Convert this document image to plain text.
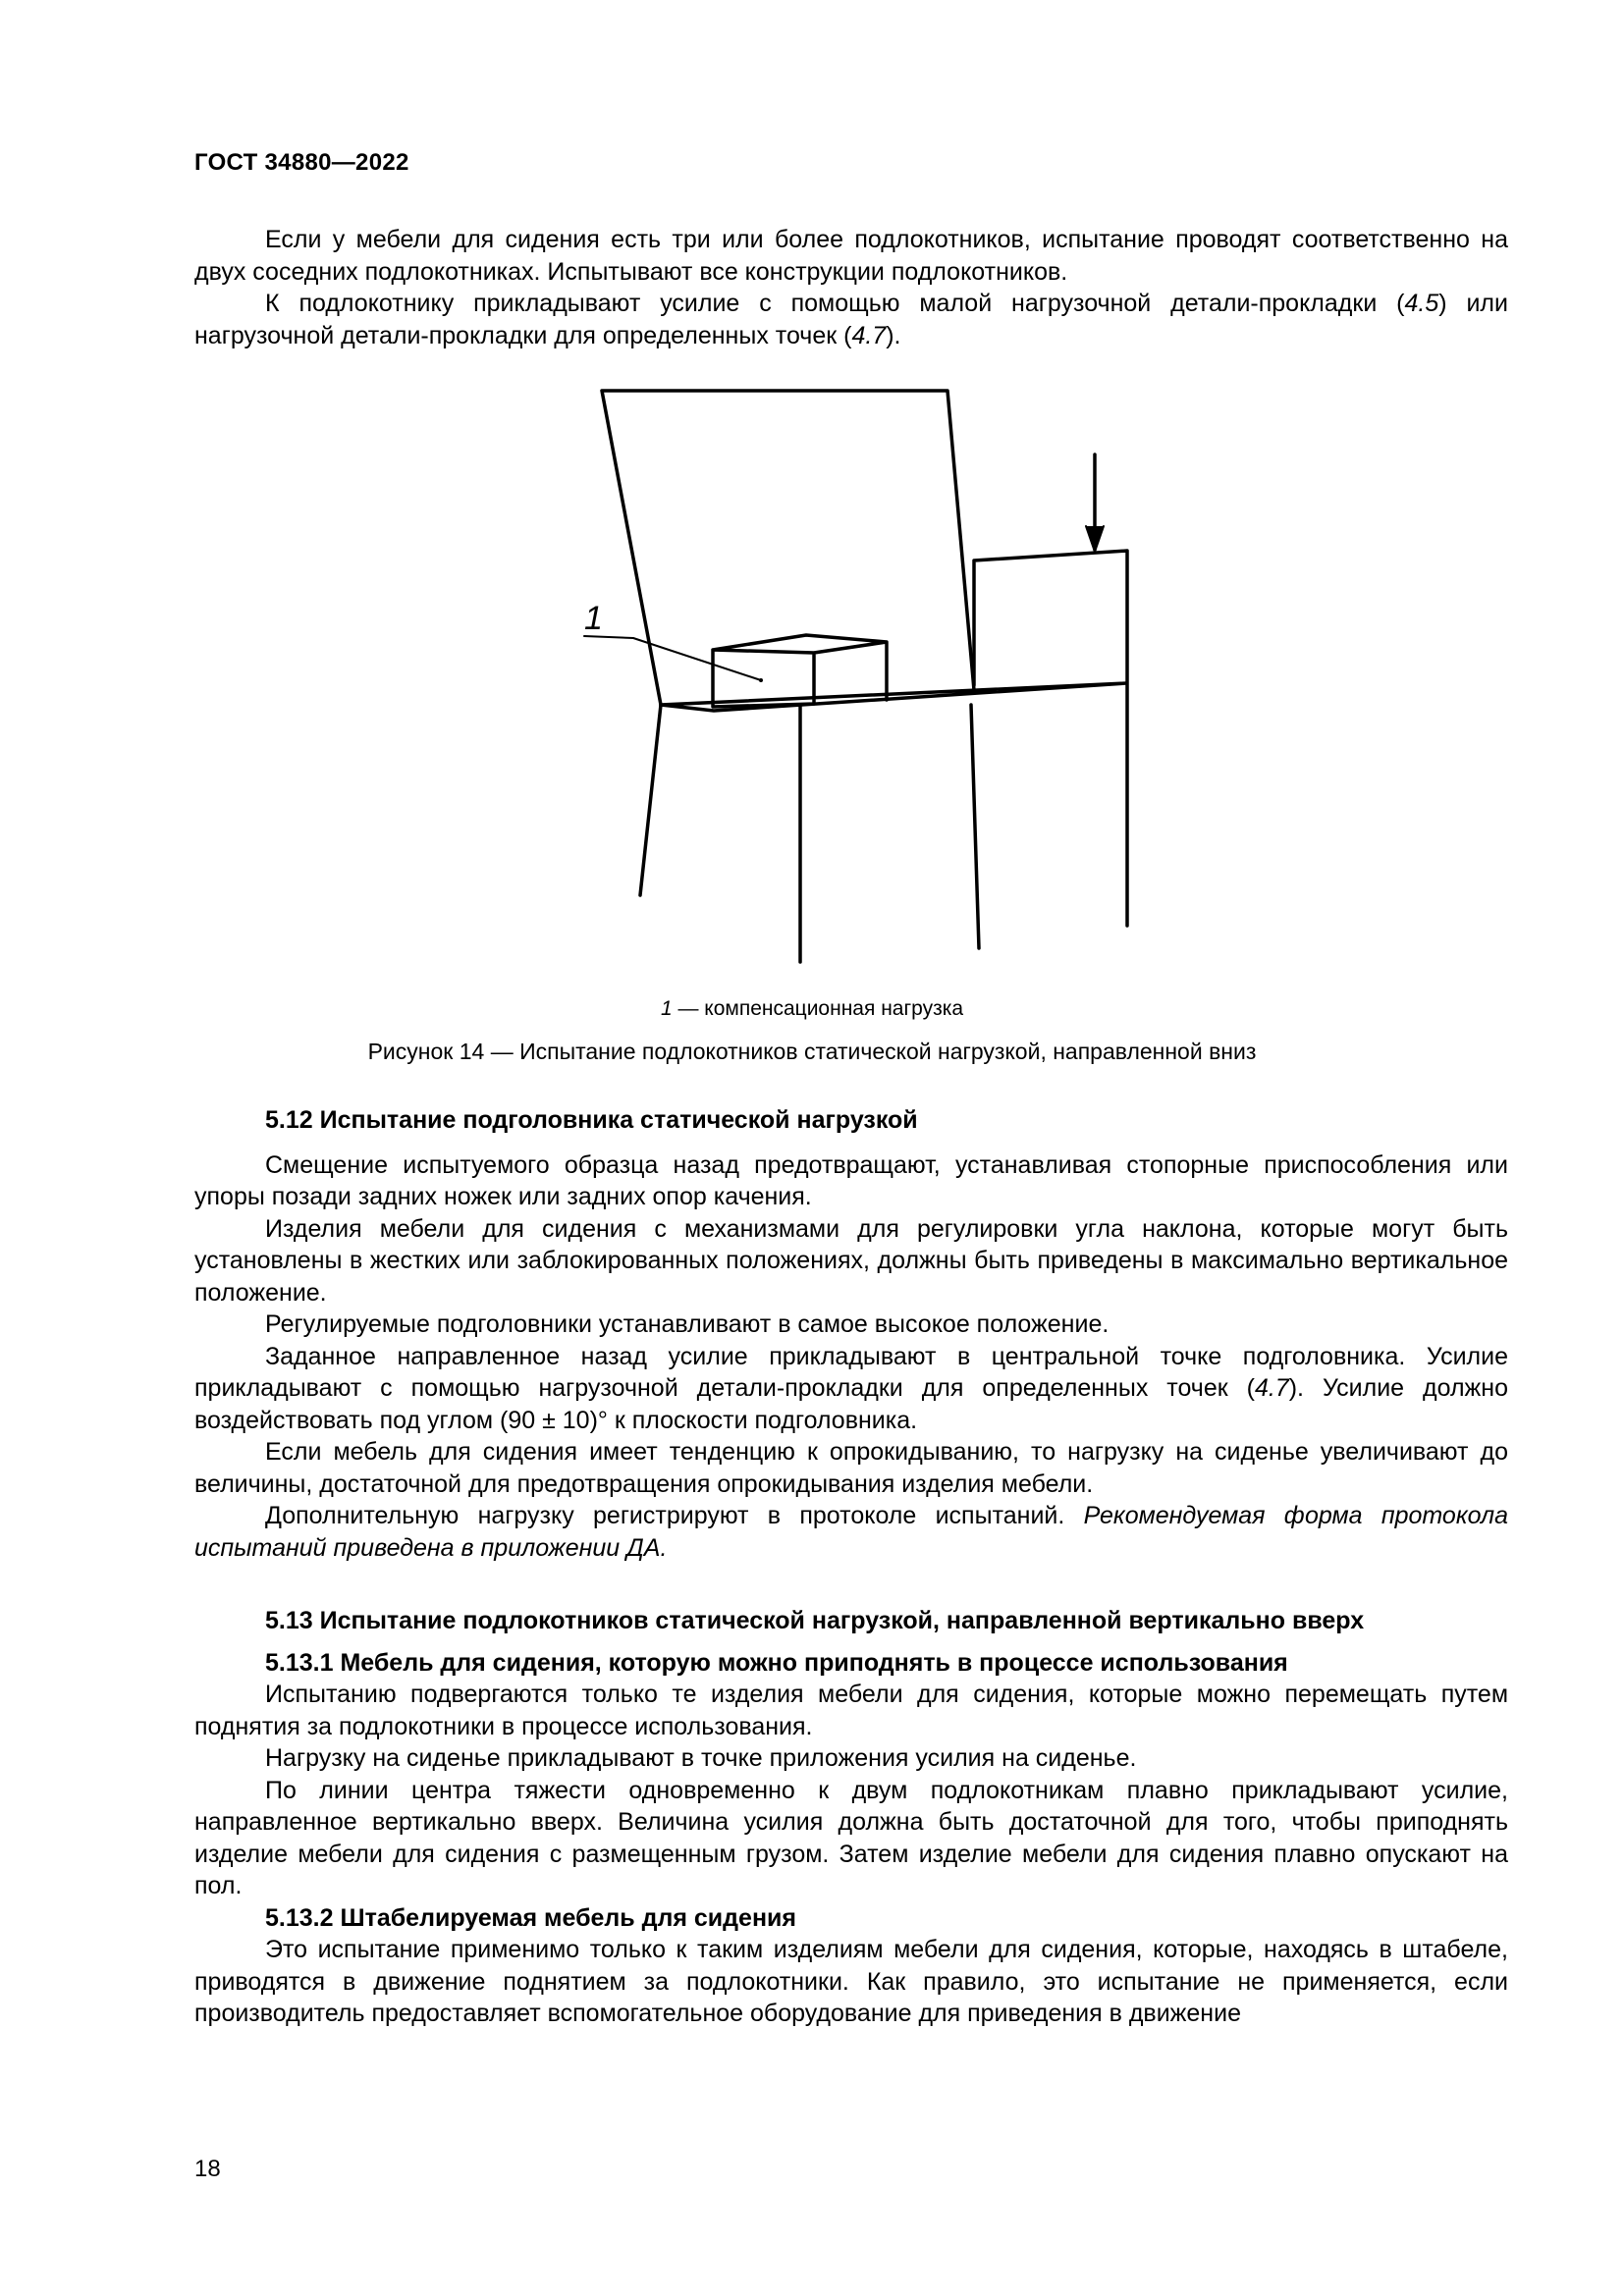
ГОСТ 34880—2022

Если у мебели для сидения есть три или более подлокотников, испытание проводят соответственно на двух соседних подлокотниках. Испытывают все конструкции подлокотников.

К подлокотнику прикладывают усилие с помощью малой нагрузочной детали-прокладки (4.5) или нагрузочной детали-прокладки для определенных точек (4.7).

1
1 — компенсационная нагрузка
Рисунок 14 — Испытание подлокотников статической нагрузкой, направленной вниз
5.12 Испытание подголовника статической нагрузкой

Смещение испытуемого образца назад предотвращают, устанавливая стопорные приспособления или упоры позади задних ножек или задних опор качения.

Изделия мебели для сидения с механизмами для регулировки угла наклона, которые могут быть установлены в жестких или заблокированных положениях, должны быть приведены в максимально вертикальное положение.

Регулируемые подголовники устанавливают в самое высокое положение.

Заданное направленное назад усилие прикладывают в центральной точке подголовника. Усилие прикладывают с помощью нагрузочной детали-прокладки для определенных точек (4.7). Усилие должно воздействовать под углом (90 ± 10)° к плоскости подголовника.

Если мебель для сидения имеет тенденцию к опрокидыванию, то нагрузку на сиденье увеличивают до величины, достаточной для предотвращения опрокидывания изделия мебели.

Дополнительную нагрузку регистрируют в протоколе испытаний. Рекомендуемая форма протокола испытаний приведена в приложении ДА.

5.13 Испытание подлокотников статической нагрузкой, направленной вертикально вверх
5.13.1 Мебель для сидения, которую можно приподнять в процессе использования

Испытанию подвергаются только те изделия мебели для сидения, которые можно перемещать путем поднятия за подлокотники в процессе использования.

Нагрузку на сиденье прикладывают в точке приложения усилия на сиденье.

По линии центра тяжести одновременно к двум подлокотникам плавно прикладывают усилие, направленное вертикально вверх. Величина усилия должна быть достаточной для того, чтобы приподнять изделие мебели для сидения с размещенным грузом. Затем изделие мебели для сидения плавно опускают на пол.

5.13.2 Штабелируемая мебель для сидения

Это испытание применимо только к таким изделиям мебели для сидения, которые, находясь в штабеле, приводятся в движение поднятием за подлокотники. Как правило, это испытание не применяется, если производитель предоставляет вспомогательное оборудование для приведения в движение

18
